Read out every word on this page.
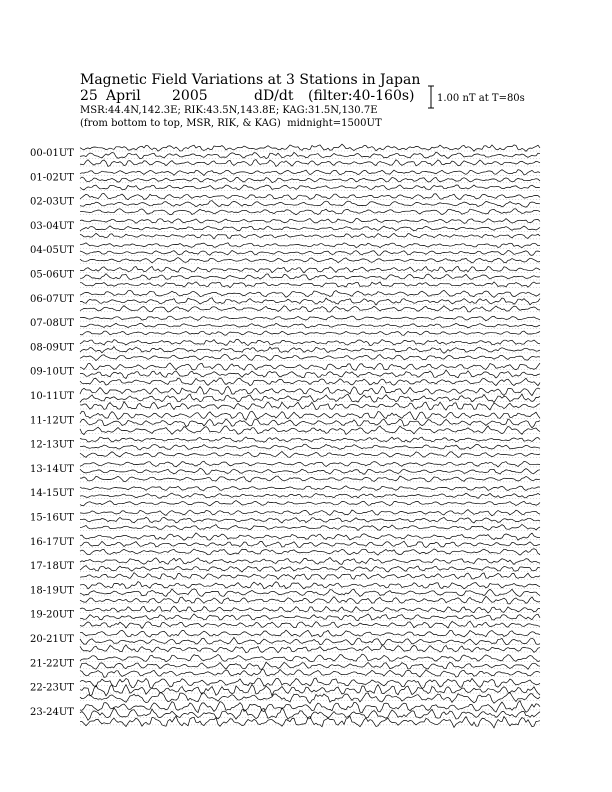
Magnetic Field Variations at 3 Stations in Japan
25 April 2005	dD/dt (filter:40-160s)
MSR:44.4N,142.3E; RIK:43.5N,143.8E; KAG:31.5N,130.7E
(from bottom to top, MSR, RIK, & KAG) midnight=1500UT
1.00 nT at T=80s
00-01UT
01-02UT
02-03UT
03-04UT
04-05UT
05-06UT
06-07UT
07-08UT
08-09UT
09-10UT
10-11UT
11-12UT
12-13UT
13-14UT
14-15UT
15-16UT
16-17UT
17-18UT
18-19UT
19-20UT
20-21UT
21-22UT
22-23UT
23-24UT
